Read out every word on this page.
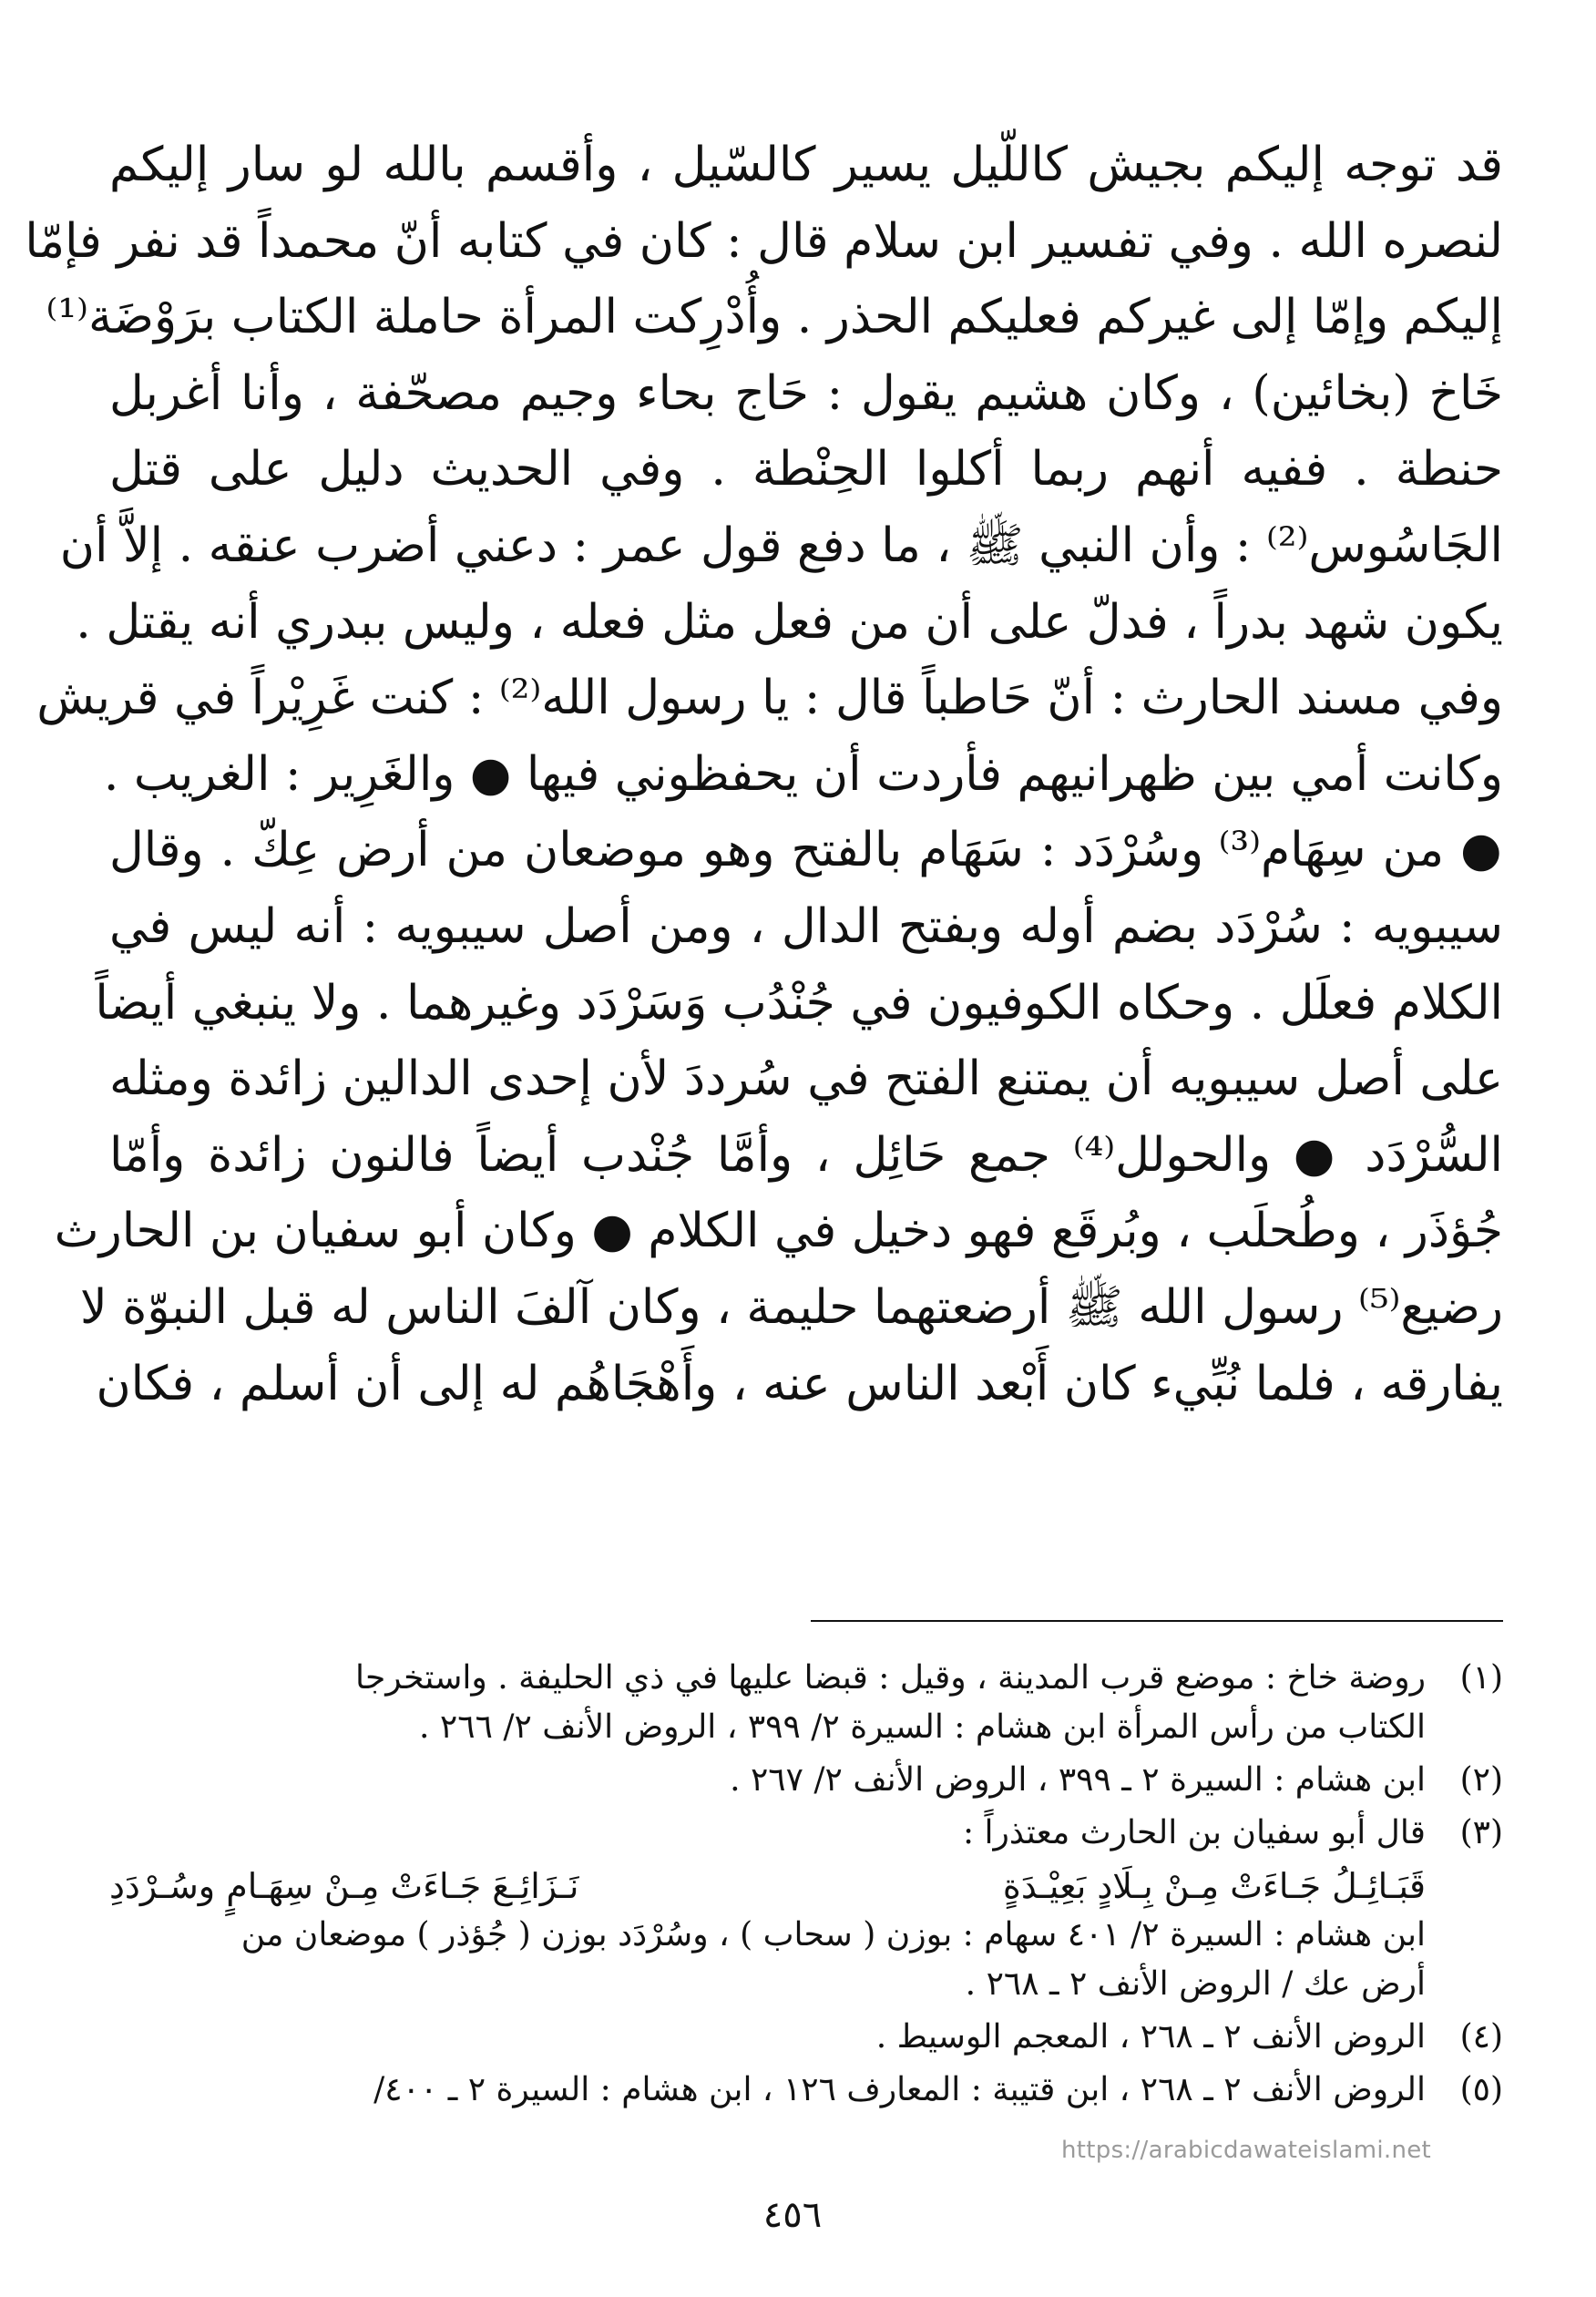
قد توجه إليكم بجيش كاللّيل يسير كالسّيل ، وأقسم بالله لو سار إليكم
لنصره الله . وفي تفسير ابن سلام قال : كان في كتابه أنّ محمداً قد نفر فإمّا
إليكم وإمّا إلى غيركم فعليكم الحذر . وأُدْرِكت المرأة حاملة الكتاب برَوْضَة⁽¹⁾
خَاخ (بخائين) ، وكان هشيم يقول : حَاج بحاء وجيم مصحّفة ، وأنا أغربل
حنطة . ففيه أنهم ربما أكلوا الحِنْطة . وفي الحديث دليل على قتل
الجَاسُوس⁽²⁾ : وأن النبي ﷺ ، ما دفع قول عمر : دعني أضرب عنقه . إلاَّ أن
يكون شهد بدراً ، فدلّ على أن من فعل مثل فعله ، وليس ببدري أنه يقتل .
وفي مسند الحارث : أنّ حَاطباً قال : يا رسول الله⁽²⁾ : كنت غَرِيْراً في قريش
وكانت أمي بين ظهرانيهم فأردت أن يحفظوني فيها ● والغَرِير : الغريب .
● من سِهَام⁽³⁾ وسُرْدَد : سَهَام بالفتح وهو موضعان من أرض عِكّ . وقال
سيبويه : سُرْدَد بضم أوله وبفتح الدال ، ومن أصل سيبويه : أنه ليس في
الكلام فعلَل . وحكاه الكوفيون في جُنْدُب وَسَرْدَد وغيرهما . ولا ينبغي أيضاً
على أصل سيبويه أن يمتنع الفتح في سُرددَ لأن إحدى الدالين زائدة ومثله
السُّرْدَد ● والحولل⁽⁴⁾ جمع حَائِل ، وأمَّا جُنْدب أيضاً فالنون زائدة وأمّا
جُؤذَر ، وطُحلَب ، وبُرقَع فهو دخيل في الكلام ● وكان أبو سفيان بن الحارث
رضيع⁽⁵⁾ رسول الله ﷺ أرضعتهما حليمة ، وكان آلفَ الناس له قبل النبوّة لا
يفارقه ، فلما نُبِّيء كان أَبْعد الناس عنه ، وأَهْجَاهُم له إلى أن أسلم ، فكان
(١)
روضة خاخ : موضع قرب المدينة ، وقيل : قبضا عليها في ذي الحليفة . واستخرجا
الكتاب من رأس المرأة ابن هشام : السيرة ٢/ ٣٩٩ ، الروض الأنف ٢/ ٢٦٦ .
(٢)
ابن هشام : السيرة ٢ ـ ٣٩٩ ، الروض الأنف ٢/ ٢٦٧ .
(٣)
قال أبو سفيان بن الحارث معتذراً :
قَبَـائِـلُ جَـاءَتْ مِـنْ بِـلَادٍ بَعِيْـدَةٍ
نَـزَائِـعَ جَـاءَتْ مِـنْ سِهَـامٍ وسُـرْدَدِ
ابن هشام : السيرة ٢/ ٤٠١ سهام : بوزن ( سحاب ) ، وسُرْدَد بوزن ( جُؤذر ) موضعان من
أرض عك / الروض الأنف ٢ ـ ٢٦٨ .
(٤)
الروض الأنف ٢ ـ ٢٦٨ ، المعجم الوسيط .
(٥)
الروض الأنف ٢ ـ ٢٦٨ ، ابن قتيبة : المعارف ١٢٦ ، ابن هشام : السيرة ٢ ـ ٤٠٠/
https://arabicdawateislami.net
٤٥٦
